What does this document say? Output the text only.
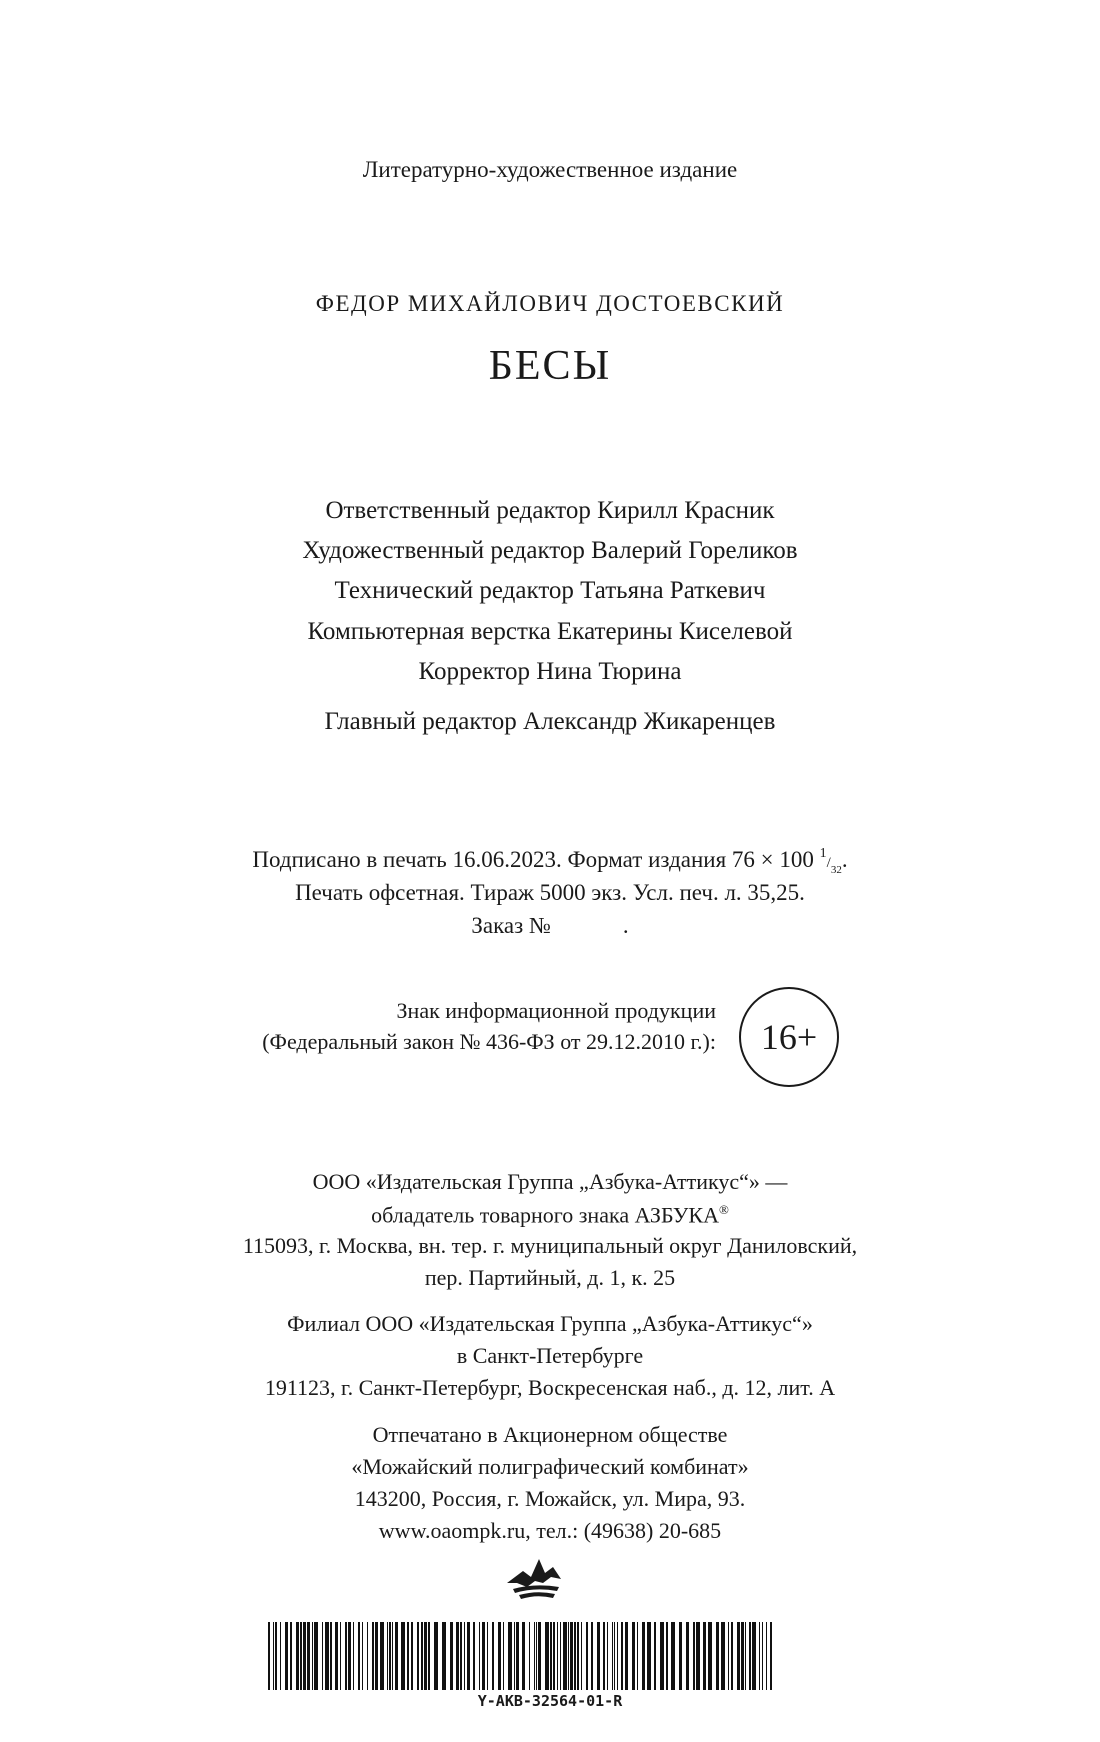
Литературно-художественное издание
ФЕДОР МИХАЙЛОВИЧ ДОСТОЕВСКИЙ
БЕСЫ
Ответственный редактор Кирилл Красник
Художественный редактор Валерий Гореликов
Технический редактор Татьяна Раткевич
Компьютерная верстка Екатерины Киселевой
Корректор Нина Тюрина
Главный редактор Александр Жикаренцев
Подписано в печать 16.06.2023. Формат издания 76 × 100 $^1/_{32}$.
Печать офсетная. Тираж 5000 экз. Усл. печ. л. 35,25.
Заказ №	.
Знак информационной продукции
(Федеральный закон № 436-ФЗ от 29.12.2010 г.): 16+
ООО «Издательская Группа „Азбука-Аттикус“» —
обладатель товарного знака АЗБУКА®
115093, г. Москва, вн. тер. г. муниципальный округ Даниловский,
пер. Партийный, д. 1, к. 25
Филиал ООО «Издательская Группа „Азбука-Аттикус“»
в Санкт-Петербурге
191123, г. Санкт-Петербург, Воскресенская наб., д. 12, лит. А
Отпечатано в Акционерном обществе
«Можайский полиграфический комбинат»
143200, Россия, г. Можайск, ул. Мира, 93.
www.oaompk.ru, тел.: (49638) 20-685
Y-AKB-32564-01-R
